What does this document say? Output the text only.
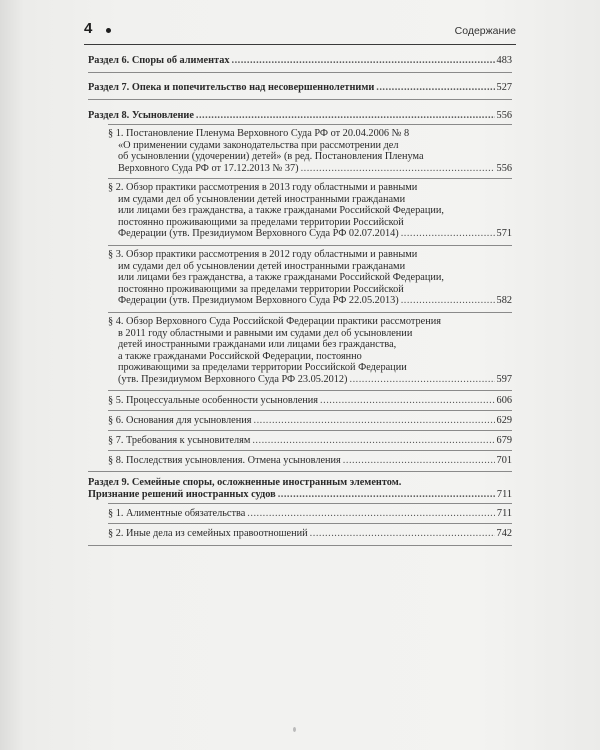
4	Содержание
Раздел 6. Споры об алиментах .....	483
Раздел 7. Опека и попечительство над несовершеннолетними .....	527
Раздел 8. Усыновление .....	556
§ 1. Постановление Пленума Верховного Суда РФ от 20.04.2006 № 8
«О применении судами законодательства при рассмотрении дел
об усыновлении (удочерении) детей» (в ред. Постановления Пленума
Верховного Суда РФ от 17.12.2013 № 37) .....	556
§ 2. Обзор практики рассмотрения в 2013 году областными и равными
им судами дел об усыновлении детей иностранными гражданами
или лицами без гражданства, а также гражданами Российской Федерации,
постоянно проживающими за пределами территории Российской
Федерации (утв. Президиумом Верховного Суда РФ 02.07.2014) .....	571
§ 3. Обзор практики рассмотрения в 2012 году областными и равными
им судами дел об усыновлении детей иностранными гражданами
или лицами без гражданства, а также гражданами Российской Федерации,
постоянно проживающими за пределами территории Российской
Федерации (утв. Президиумом Верховного Суда РФ 22.05.2013) .....	582
§ 4. Обзор Верховного Суда Российской Федерации практики рассмотрения
в 2011 году областными и равными им судами дел об усыновлении
детей иностранными гражданами или лицами без гражданства,
а также гражданами Российской Федерации, постоянно
проживающими за пределами территории Российской Федерации
(утв. Президиумом Верховного Суда РФ 23.05.2012) .....	597
§ 5. Процессуальные особенности усыновления .....	606
§ 6. Основания для усыновления .....	629
§ 7. Требования к усыновителям .....	679
§ 8. Последствия усыновления. Отмена усыновления .....	701
Раздел 9. Семейные споры, осложненные иностранным элементом.
Признание решений иностранных судов .....	711
§ 1. Алиментные обязательства .....	711
§ 2. Иные дела из семейных правоотношений .....	742
